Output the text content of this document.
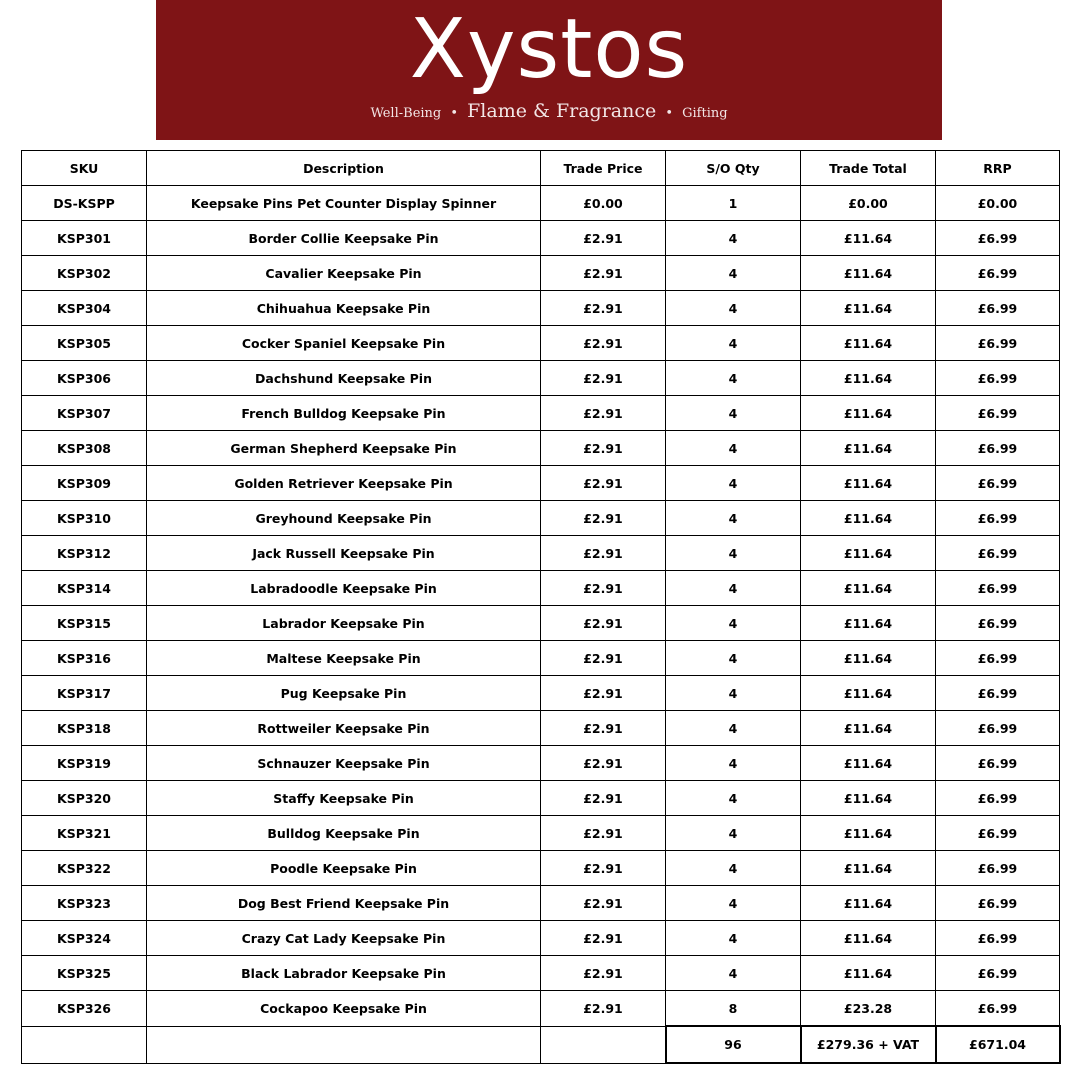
Xystos
Well-Being • Flame & Fragrance • Gifting
SKU	Description	Trade Price	S/O Qty	Trade Total	RRP
DS-KSPP	Keepsake Pins Pet Counter Display Spinner	£0.00	1	£0.00	£0.00
KSP301	Border Collie Keepsake Pin	£2.91	4	£11.64	£6.99
KSP302	Cavalier Keepsake Pin	£2.91	4	£11.64	£6.99
KSP304	Chihuahua Keepsake Pin	£2.91	4	£11.64	£6.99
KSP305	Cocker Spaniel Keepsake Pin	£2.91	4	£11.64	£6.99
KSP306	Dachshund Keepsake Pin	£2.91	4	£11.64	£6.99
KSP307	French Bulldog Keepsake Pin	£2.91	4	£11.64	£6.99
KSP308	German Shepherd Keepsake Pin	£2.91	4	£11.64	£6.99
KSP309	Golden Retriever Keepsake Pin	£2.91	4	£11.64	£6.99
KSP310	Greyhound Keepsake Pin	£2.91	4	£11.64	£6.99
KSP312	Jack Russell Keepsake Pin	£2.91	4	£11.64	£6.99
KSP314	Labradoodle Keepsake Pin	£2.91	4	£11.64	£6.99
KSP315	Labrador Keepsake Pin	£2.91	4	£11.64	£6.99
KSP316	Maltese Keepsake Pin	£2.91	4	£11.64	£6.99
KSP317	Pug Keepsake Pin	£2.91	4	£11.64	£6.99
KSP318	Rottweiler Keepsake Pin	£2.91	4	£11.64	£6.99
KSP319	Schnauzer Keepsake Pin	£2.91	4	£11.64	£6.99
KSP320	Staffy Keepsake Pin	£2.91	4	£11.64	£6.99
KSP321	Bulldog Keepsake Pin	£2.91	4	£11.64	£6.99
KSP322	Poodle Keepsake Pin	£2.91	4	£11.64	£6.99
KSP323	Dog Best Friend Keepsake Pin	£2.91	4	£11.64	£6.99
KSP324	Crazy Cat Lady Keepsake Pin	£2.91	4	£11.64	£6.99
KSP325	Black Labrador Keepsake Pin	£2.91	4	£11.64	£6.99
KSP326	Cockapoo Keepsake Pin	£2.91	8	£23.28	£6.99
			96	£279.36 + VAT	£671.04
